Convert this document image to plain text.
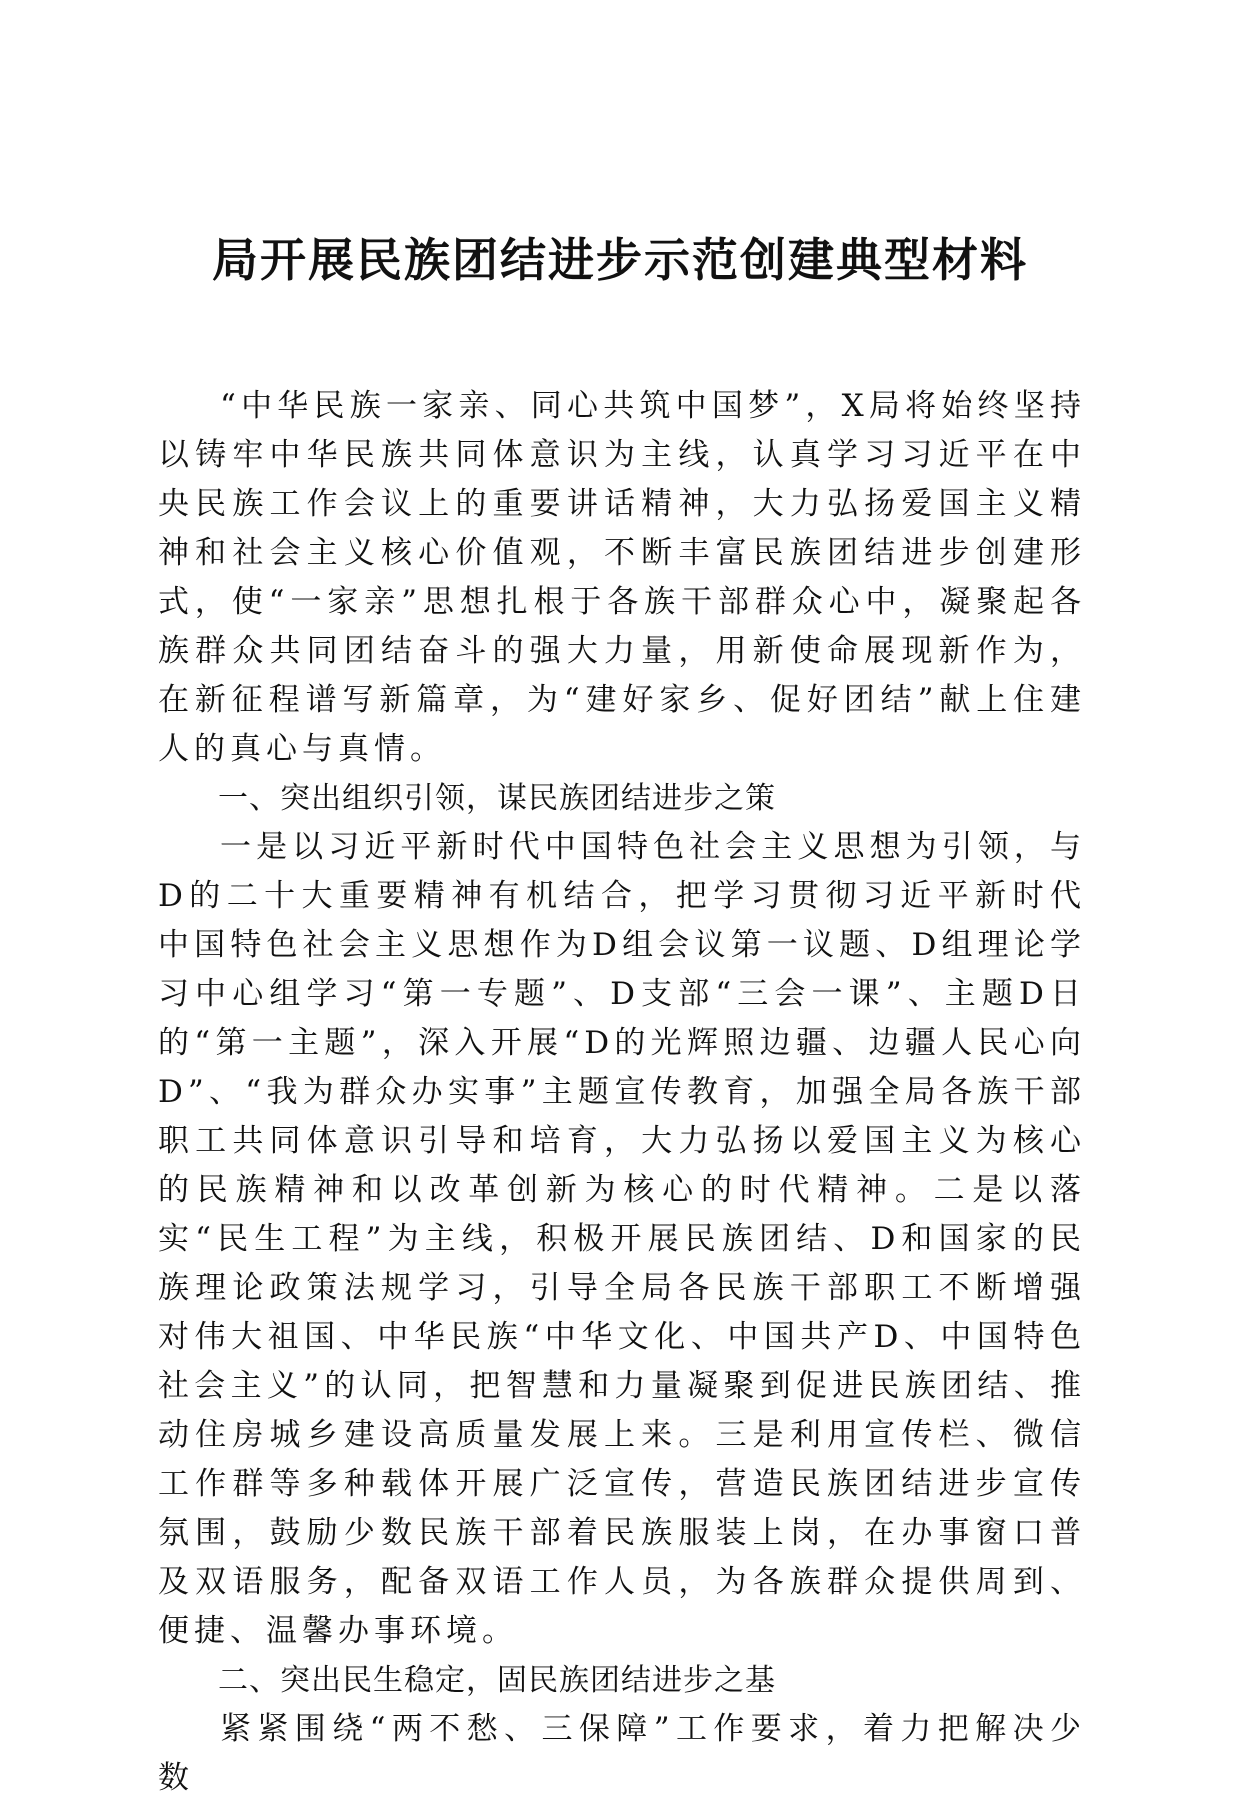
局开展民族团结进步示范创建典型材料

“中华民族一家亲、同心共筑中国梦”，X局将始终坚持以铸牢中华民族共同体意识为主线，认真学习习近平在中央民族工作会议上的重要讲话精神，大力弘扬爱国主义精神和社会主义核心价值观，不断丰富民族团结进步创建形式，使“一家亲”思想扎根于各族干部群众心中，凝聚起各族群众共同团结奋斗的强大力量，用新使命展现新作为，在新征程谱写新篇章，为“建好家乡、促好团结”献上住建人的真心与真情。

一、突出组织引领，谋民族团结进步之策

一是以习近平新时代中国特色社会主义思想为引领，与D的二十大重要精神有机结合，把学习贯彻习近平新时代中国特色社会主义思想作为D组会议第一议题、D组理论学习中心组学习“第一专题”、D支部“三会一课”、主题D日的“第一主题”，深入开展“D的光辉照边疆、边疆人民心向D”、“我为群众办实事”主题宣传教育，加强全局各族干部职工共同体意识引导和培育，大力弘扬以爱国主义为核心的民族精神和以改革创新为核心的时代精神。二是以落实“民生工程”为主线，积极开展民族团结、D和国家的民族理论政策法规学习，引导全局各民族干部职工不断增强对伟大祖国、中华民族“中华文化、中国共产D、中国特色社会主义”的认同，把智慧和力量凝聚到促进民族团结、推动住房城乡建设高质量发展上来。三是利用宣传栏、微信工作群等多种载体开展广泛宣传，营造民族团结进步宣传氛围，鼓励少数民族干部着民族服装上岗，在办事窗口普及双语服务，配备双语工作人员，为各族群众提供周到、便捷、温馨办事环境。

二、突出民生稳定，固民族团结进步之基

紧紧围绕“两不愁、三保障”工作要求，着力把解决少数
